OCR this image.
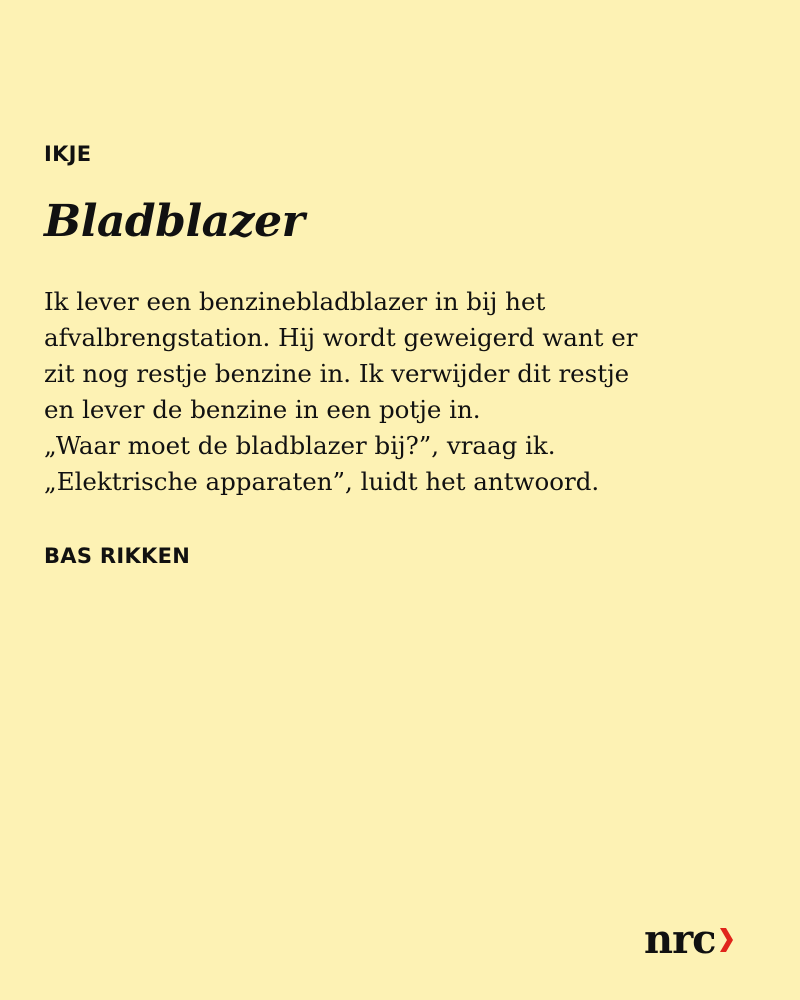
IKJE
Bladblazer

Ik lever een benzinebladblazer in bij het
afvalbrengstation. Hij wordt geweigerd want er
zit nog restje benzine in. Ik verwijder dit restje
en lever de benzine in een potje in.
„Waar moet de bladblazer bij?”, vraag ik.
„Elektrische apparaten”, luidt het antwoord.

BAS RIKKEN
nrc
